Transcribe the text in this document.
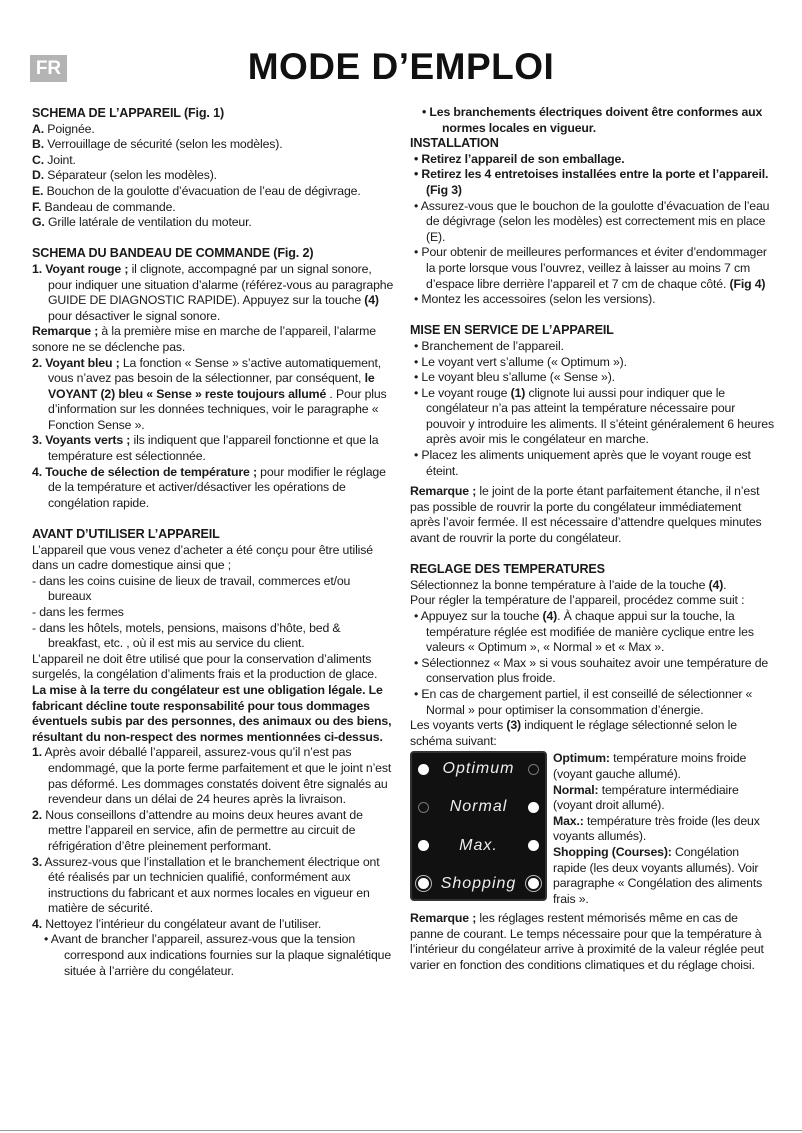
FR	MODE D’EMPLOI
SCHEMA DE L’APPAREIL (Fig. 1)
A. Poignée.
B. Verrouillage de sécurité (selon les modèles).
C. Joint.
D. Séparateur (selon les modèles).
E. Bouchon de la goulotte d’évacuation de l’eau de dégivrage.
F. Bandeau de commande.
G. Grille latérale de ventilation du moteur.
SCHEMA DU BANDEAU DE COMMANDE (Fig. 2)
1. Voyant rouge ; il clignote, accompagné par un signal sonore, pour indiquer une situation d’alarme (référez-vous au paragraphe GUIDE DE DIAGNOSTIC RAPIDE). Appuyez sur la touche (4) pour désactiver le signal sonore.
Remarque ; à la première mise en marche de l’appareil, l’alarme sonore ne se déclenche pas.
2. Voyant bleu ; La fonction « Sense » s’active automatiquement, vous n’avez pas besoin de la sélectionner, par conséquent, le VOYANT (2) bleu « Sense » reste toujours allumé . Pour plus d’information sur les données techniques, voir le paragraphe « Fonction Sense ».
3. Voyants verts ; ils indiquent que l’appareil fonctionne et que la température est sélectionnée.
4. Touche de sélection de température ; pour modifier le réglage de la température et activer/désactiver les opérations de congélation rapide.
AVANT D’UTILISER L’APPAREIL
L’appareil que vous venez d’acheter a été conçu pour être utilisé dans un cadre domestique ainsi que ;
- dans les coins cuisine de lieux de travail, commerces et/ou bureaux
- dans les fermes
- dans les hôtels, motels, pensions, maisons d’hôte, bed & breakfast, etc. , où il est mis au service du client.
L’appareil ne doit être utilisé que pour la conservation d’aliments surgelés, la congélation d’aliments frais et la production de glace.
La mise à la terre du congélateur est une obligation légale. Le fabricant décline toute responsabilité pour tous dommages éventuels subis par des personnes, des animaux ou des biens, résultant du non-respect des normes mentionnées ci-dessus.
1. Après avoir déballé l’appareil, assurez-vous qu’il n’est pas endommagé, que la porte ferme parfaitement et que le joint n’est pas déformé. Les dommages constatés doivent être signalés au revendeur dans un délai de 24 heures après la livraison.
2. Nous conseillons d’attendre au moins deux heures avant de mettre l’appareil en service, afin de permettre au circuit de réfrigération d’être pleinement performant.
3. Assurez-vous que l’installation et le branchement électrique ont été réalisés par un technicien qualifié, conformément aux instructions du fabricant et aux normes locales en vigueur en matière de sécurité.
4. Nettoyez l’intérieur du congélateur avant de l’utiliser.
• Avant de brancher l’appareil, assurez-vous que la tension correspond aux indications fournies sur la plaque signalétique située à l’arrière du congélateur.
• Les branchements électriques doivent être conformes aux normes locales en vigueur.
INSTALLATION
• Retirez l’appareil de son emballage.
• Retirez les 4 entretoises installées entre la porte et l’appareil. (Fig 3)
• Assurez-vous que le bouchon de la goulotte d’évacuation de l’eau de dégivrage (selon les modèles) est correctement mis en place (E).
• Pour obtenir de meilleures performances et éviter d’endommager la porte lorsque vous l’ouvrez, veillez à laisser au moins 7 cm d’espace libre derrière l’appareil et 7 cm de chaque côté. (Fig 4)
• Montez les accessoires (selon les versions).
MISE EN SERVICE DE L’APPAREIL
• Branchement de l’appareil.
• Le voyant vert s’allume (« Optimum »).
• Le voyant bleu s’allume (« Sense »).
• Le voyant rouge (1) clignote lui aussi pour indiquer que le congélateur n’a pas atteint la température nécessaire pour pouvoir y introduire les aliments. Il s’éteint généralement 6 heures après avoir mis le congélateur en marche.
• Placez les aliments uniquement après que le voyant rouge est éteint.
Remarque ; le joint de la porte étant parfaitement étanche, il n’est pas possible de rouvrir la porte du congélateur immédiatement après l’avoir fermée. Il est nécessaire d’attendre quelques minutes avant de rouvrir la porte du congélateur.
REGLAGE DES TEMPERATURES
Sélectionnez la bonne température à l’aide de la touche (4).
Pour régler la température de l’appareil, procédez comme suit :
• Appuyez sur la touche (4). À chaque appui sur la touche, la température réglée est modifiée de manière cyclique entre les valeurs « Optimum », « Normal » et « Max ».
• Sélectionnez « Max » si vous souhaitez avoir une température de conservation plus froide.
• En cas de chargement partiel, il est conseillé de sélectionner « Normal » pour optimiser la consommation d’énergie.
Les voyants verts (3) indiquent le réglage sélectionné selon le schéma suivant:
Optimum
Normal
Max.
Shopping
Optimum: température moins froide (voyant gauche allumé).
Normal: température intermédiaire (voyant droit allumé).
Max.: température très froide (les deux voyants allumés).
Shopping (Courses): Congélation rapide (les deux voyants allumés). Voir paragraphe « Congélation des aliments frais ».
Remarque ; les réglages restent mémorisés même en cas de panne de courant. Le temps nécessaire pour que la température à l’intérieur du congélateur arrive à proximité de la valeur réglée peut varier en fonction des conditions climatiques et du réglage choisi.
